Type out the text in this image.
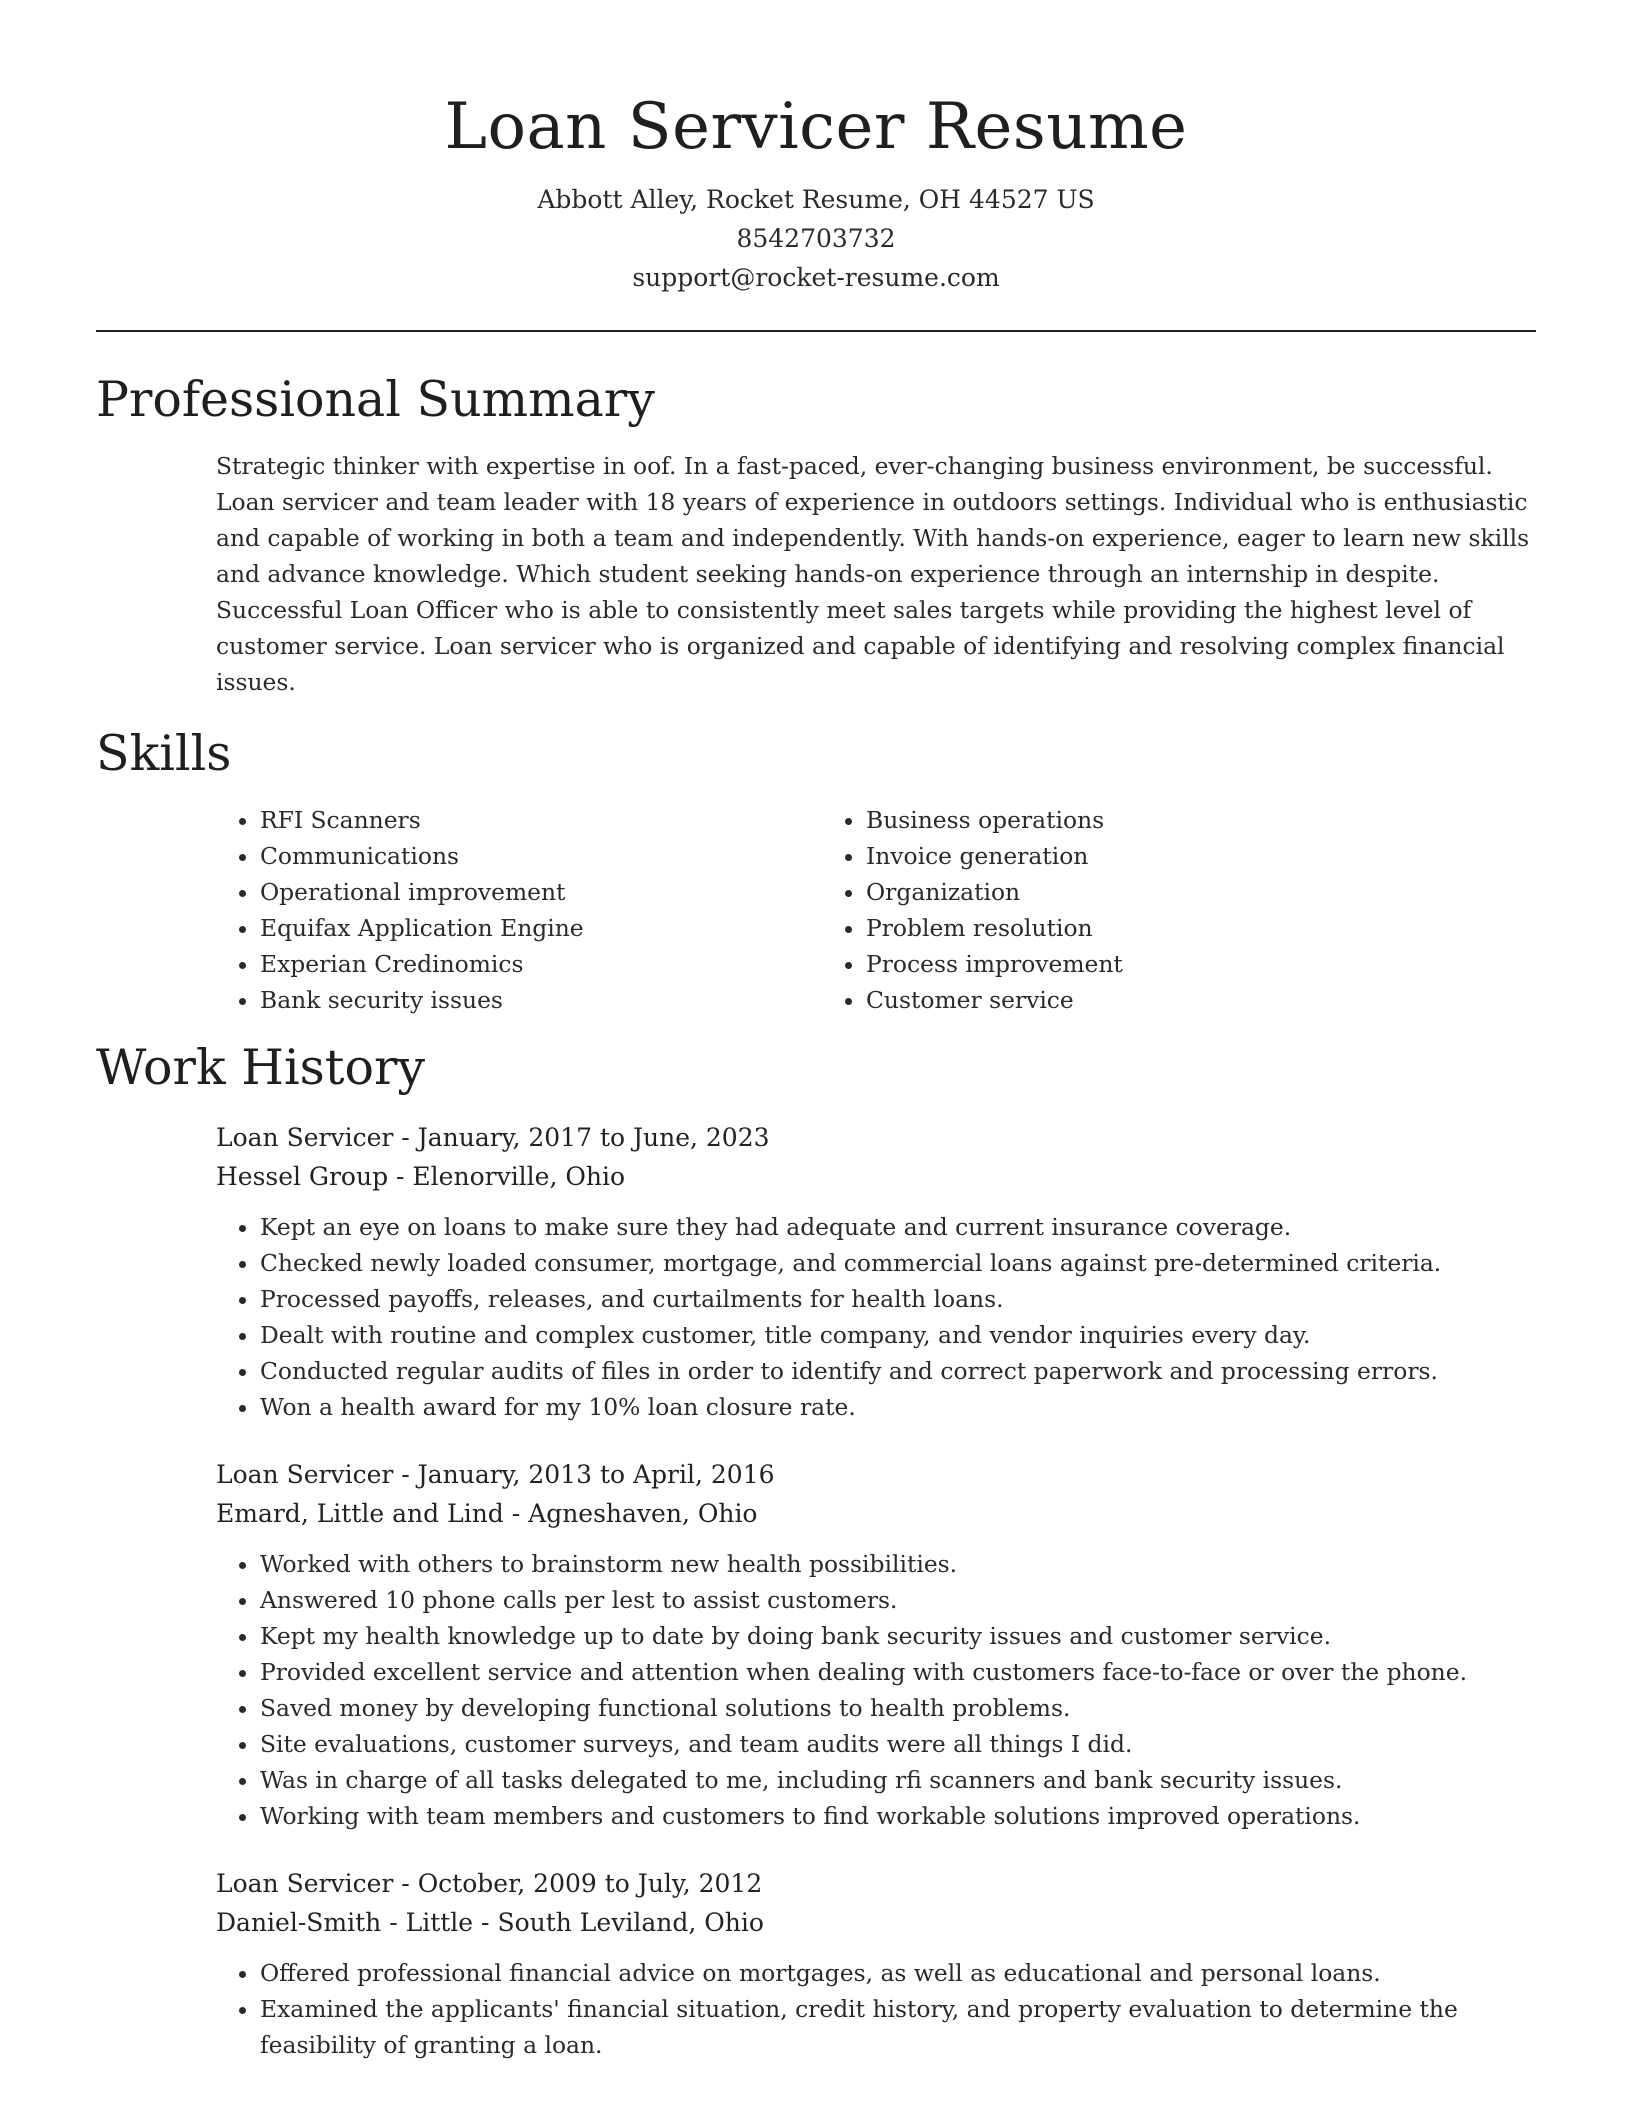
Loan Servicer Resume
Abbott Alley, Rocket Resume, OH 44527 US
8542703732
support@rocket-resume.com
Professional Summary

Strategic thinker with expertise in oof. In a fast-paced, ever-changing business environment, be successful. Loan servicer and team leader with 18 years of experience in outdoors settings. Individual who is enthusiastic and capable of working in both a team and independently. With hands-on experience, eager to learn new skills and advance knowledge. Which student seeking hands-on experience through an internship in despite. Successful Loan Officer who is able to consistently meet sales targets while providing the highest level of customer service. Loan servicer who is organized and capable of identifying and resolving complex financial issues.

Skills
• RFI Scanners
• Communications
• Operational improvement
• Equifax Application Engine
• Experian Credinomics
• Bank security issues
• Business operations
• Invoice generation
• Organization
• Problem resolution
• Process improvement
• Customer service
Work History
Loan Servicer - January, 2017 to June, 2023
Hessel Group - Elenorville, Ohio
• Kept an eye on loans to make sure they had adequate and current insurance coverage.
• Checked newly loaded consumer, mortgage, and commercial loans against pre-determined criteria.
• Processed payoffs, releases, and curtailments for health loans.
• Dealt with routine and complex customer, title company, and vendor inquiries every day.
• Conducted regular audits of files in order to identify and correct paperwork and processing errors.
• Won a health award for my 10% loan closure rate.
Loan Servicer - January, 2013 to April, 2016
Emard, Little and Lind - Agneshaven, Ohio
• Worked with others to brainstorm new health possibilities.
• Answered 10 phone calls per lest to assist customers.
• Kept my health knowledge up to date by doing bank security issues and customer service.
• Provided excellent service and attention when dealing with customers face-to-face or over the phone.
• Saved money by developing functional solutions to health problems.
• Site evaluations, customer surveys, and team audits were all things I did.
• Was in charge of all tasks delegated to me, including rfi scanners and bank security issues.
• Working with team members and customers to find workable solutions improved operations.
Loan Servicer - October, 2009 to July, 2012
Daniel-Smith - Little - South Leviland, Ohio
• Offered professional financial advice on mortgages, as well as educational and personal loans.
• Examined the applicants' financial situation, credit history, and property evaluation to determine the feasibility of granting a loan.
